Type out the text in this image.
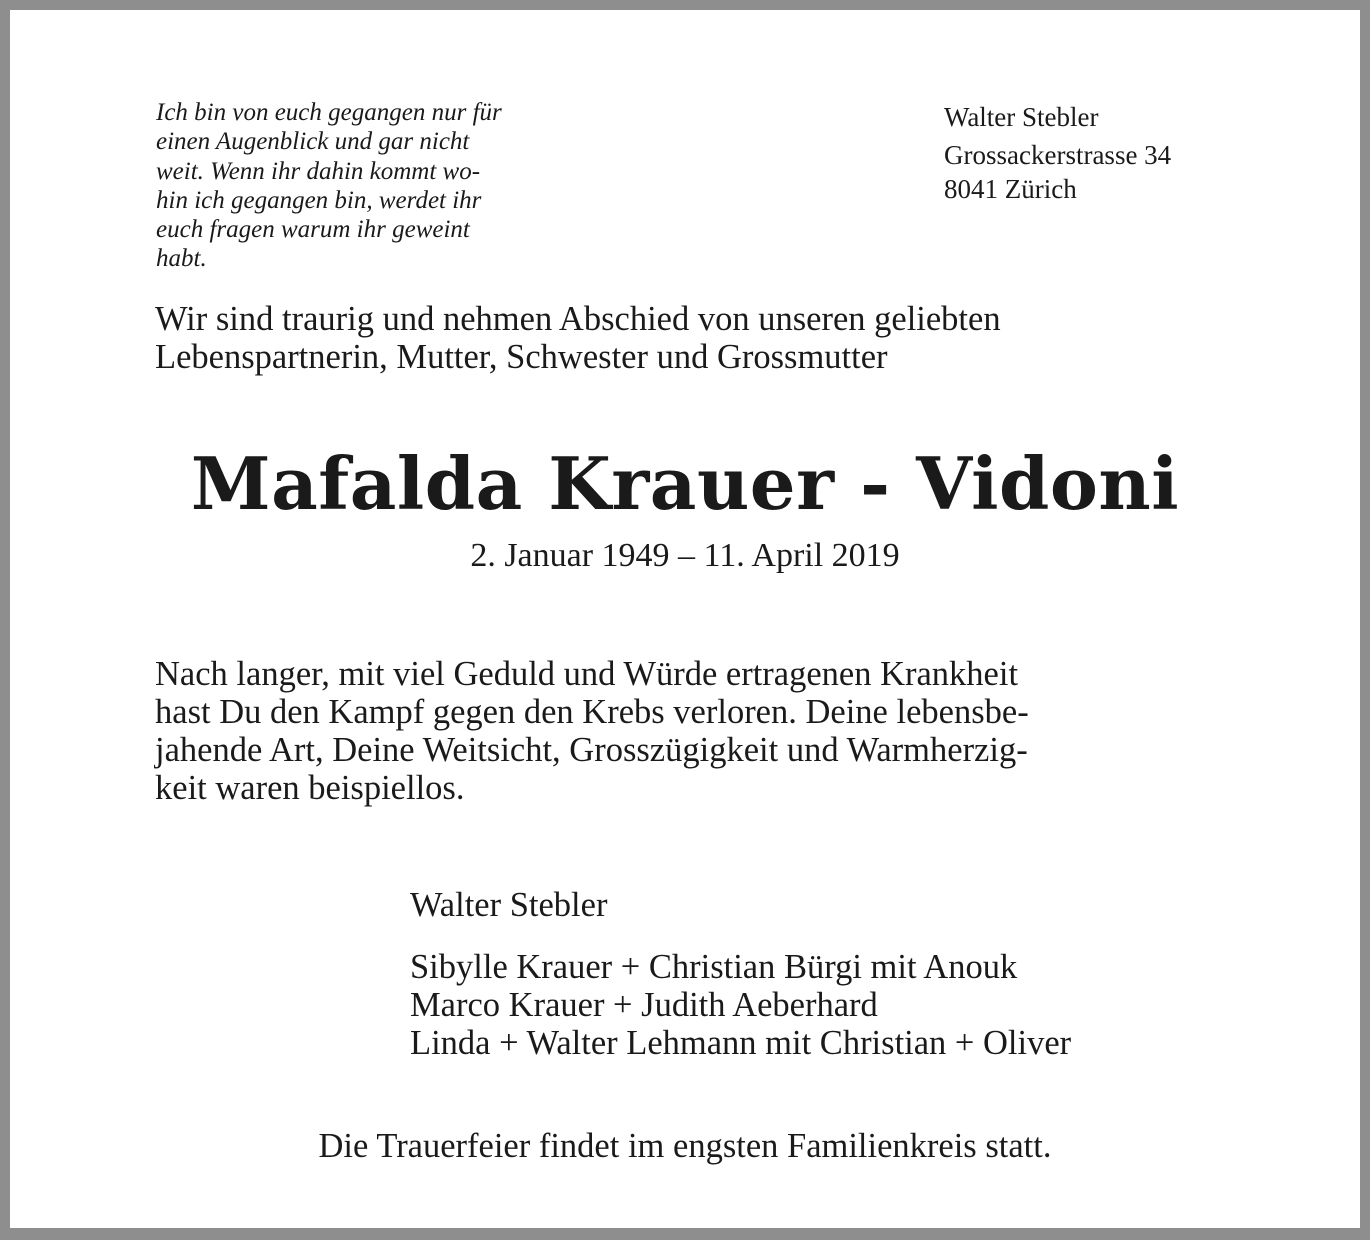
Ich bin von euch gegangen nur für
einen Augenblick und gar nicht
weit. Wenn ihr dahin kommt wo-
hin ich gegangen bin, werdet ihr
euch fragen warum ihr geweint
habt.
Walter Stebler
Grossackerstrasse 34
8041 Zürich
Wir sind traurig und nehmen Abschied von unseren geliebten
Lebenspartnerin, Mutter, Schwester und Grossmutter
Mafalda Krauer - Vidoni
2. Januar 1949 – 11. April 2019
Nach langer, mit viel Geduld und Würde ertragenen Krankheit
hast Du den Kampf gegen den Krebs verloren. Deine lebensbe-
jahende Art, Deine Weitsicht, Grosszügigkeit und Warmherzig-
keit waren beispiellos.
Walter Stebler
Sibylle Krauer + Christian Bürgi mit Anouk
Marco Krauer + Judith Aeberhard
Linda + Walter Lehmann mit Christian + Oliver
Die Trauerfeier findet im engsten Familienkreis statt.
